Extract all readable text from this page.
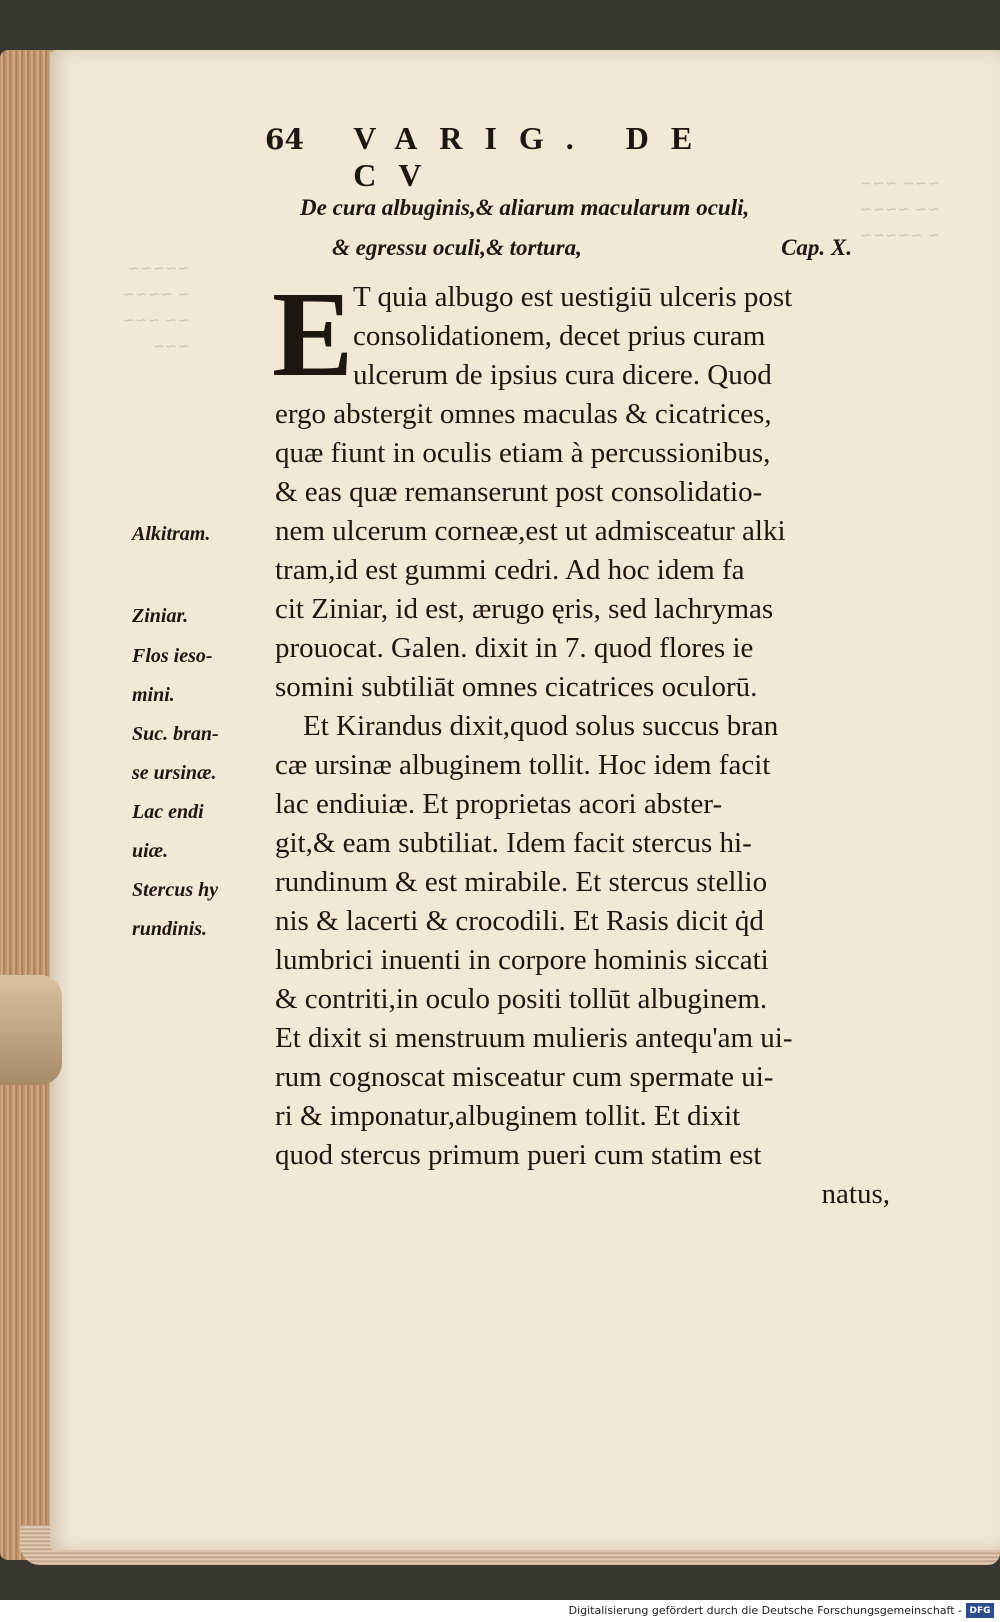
~~~ ~~~
~~ ~~~~
~ ~~~~~
~~~~~
~ ~~~~
~~ ~~~
~~~
64	VARIG. DE CV
De cura albuginis,& aliarum macularum oculi,
& egressu oculi,& tortura,	Cap. X.
E T quia albugo est uestigiū ulceris post
consolidationem, decet prius curam
ulcerum de ipsius cura dicere. Quod
ergo abstergit omnes maculas & cicatrices,
quæ fiunt in oculis etiam à percussionibus,
& eas quæ remanserunt post consolidatio-
nem ulcerum corneæ,est ut admisceatur alki
tram,id est gummi cedri. Ad hoc idem fa
cit Ziniar, id est, ærugo ęris, sed lachrymas
prouocat. Galen. dixit in 7. quod flores ie
somini subtiliāt omnes cicatrices oculorū.
Et Kirandus dixit,quod solus succus bran
cæ ursinæ albuginem tollit. Hoc idem facit
lac endiuiæ. Et proprietas acori abster-
git,& eam subtiliat. Idem facit stercus hi-
rundinum & est mirabile. Et stercus stellio
nis & lacerti & crocodili. Et Rasis dicit q̇d
lumbrici inuenti in corpore hominis siccati
& contriti,in oculo positi tollūt albuginem.
Et dixit si menstruum mulieris antequ'am ui-
rum cognoscat misceatur cum spermate ui-
ri & imponatur,albuginem tollit. Et dixit
quod stercus primum pueri cum statim est
natus,
Alkitram.
Ziniar.
Flos ieso-
mini.
Suc. bran-
se ursinæ.
Lac endi
uiæ.
Stercus hy
rundinis.
Digitalisierung gefördert durch die Deutsche Forschungsgemeinschaft - DFG
